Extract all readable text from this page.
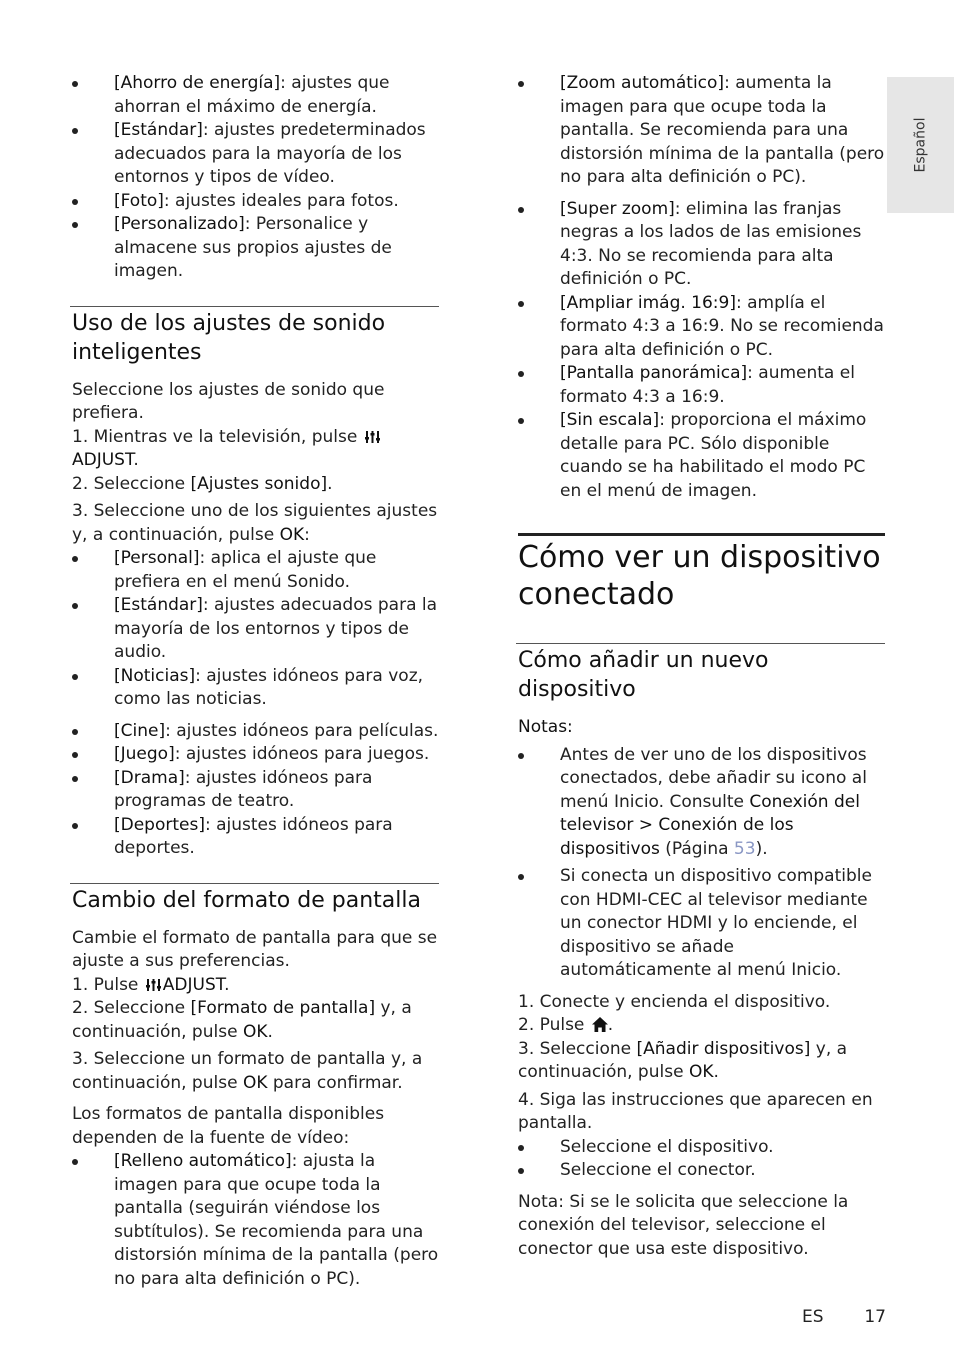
Español
[Ahorro de energía]: ajustes que ahorran el máximo de energía.
[Estándar]: ajustes predeterminados adecuados para la mayoría de los entornos y tipos de vídeo.
[Foto]: ajustes ideales para fotos.
[Personalizado]: Personalice y almacene sus propios ajustes de imagen.
Uso de los ajustes de sonido inteligentes

Seleccione los ajustes de sonido que prefiera.

1. Mientras ve la televisión, pulse ADJUST.

2. Seleccione [Ajustes sonido].

3. Seleccione uno de los siguientes ajustes y, a continuación, pulse OK:

[Personal]: aplica el ajuste que prefiera en el menú Sonido.
[Estándar]: ajustes adecuados para la mayoría de los entornos y tipos de audio.
[Noticias]: ajustes idóneos para voz, como las noticias.
[Cine]: ajustes idóneos para películas.
[Juego]: ajustes idóneos para juegos.
[Drama]: ajustes idóneos para programas de teatro.
[Deportes]: ajustes idóneos para deportes.
Cambio del formato de pantalla

Cambie el formato de pantalla para que se ajuste a sus preferencias.

1. Pulse ADJUST.

2. Seleccione [Formato de pantalla] y, a continuación, pulse OK.

3. Seleccione un formato de pantalla y, a continuación, pulse OK para confirmar.

Los formatos de pantalla disponibles dependen de la fuente de vídeo:

[Relleno automático]: ajusta la imagen para que ocupe toda la pantalla (seguirán viéndose los subtítulos). Se recomienda para una distorsión mínima de la pantalla (pero no para alta definición o PC).
[Zoom automático]: aumenta la imagen para que ocupe toda la pantalla. Se recomienda para una distorsión mínima de la pantalla (pero no para alta definición o PC).
[Super zoom]: elimina las franjas negras a los lados de las emisiones 4:3. No se recomienda para alta definición o PC.
[Ampliar imág. 16:9]: amplía el formato 4:3 a 16:9. No se recomienda para alta definición o PC.
[Pantalla panorámica]: aumenta el formato 4:3 a 16:9.
[Sin escala]: proporciona el máximo detalle para PC. Sólo disponible cuando se ha habilitado el modo PC en el menú de imagen.
Cómo ver un dispositivo conectado
Cómo añadir un nuevo dispositivo

Notas:

Antes de ver uno de los dispositivos conectados, debe añadir su icono al menú Inicio. Consulte Conexión del televisor > Conexión de los dispositivos (Página 53).
Si conecta un dispositivo compatible con HDMI-CEC al televisor mediante un conector HDMI y lo enciende, el dispositivo se añade automáticamente al menú Inicio.

1. Conecte y encienda el dispositivo.

2. Pulse .

3. Seleccione [Añadir dispositivos] y, a continuación, pulse OK.

4. Siga las instrucciones que aparecen en pantalla.

Seleccione el dispositivo.
Seleccione el conector.

Nota: Si se le solicita que seleccione la conexión del televisor, seleccione el conector que usa este dispositivo.

ES 17
